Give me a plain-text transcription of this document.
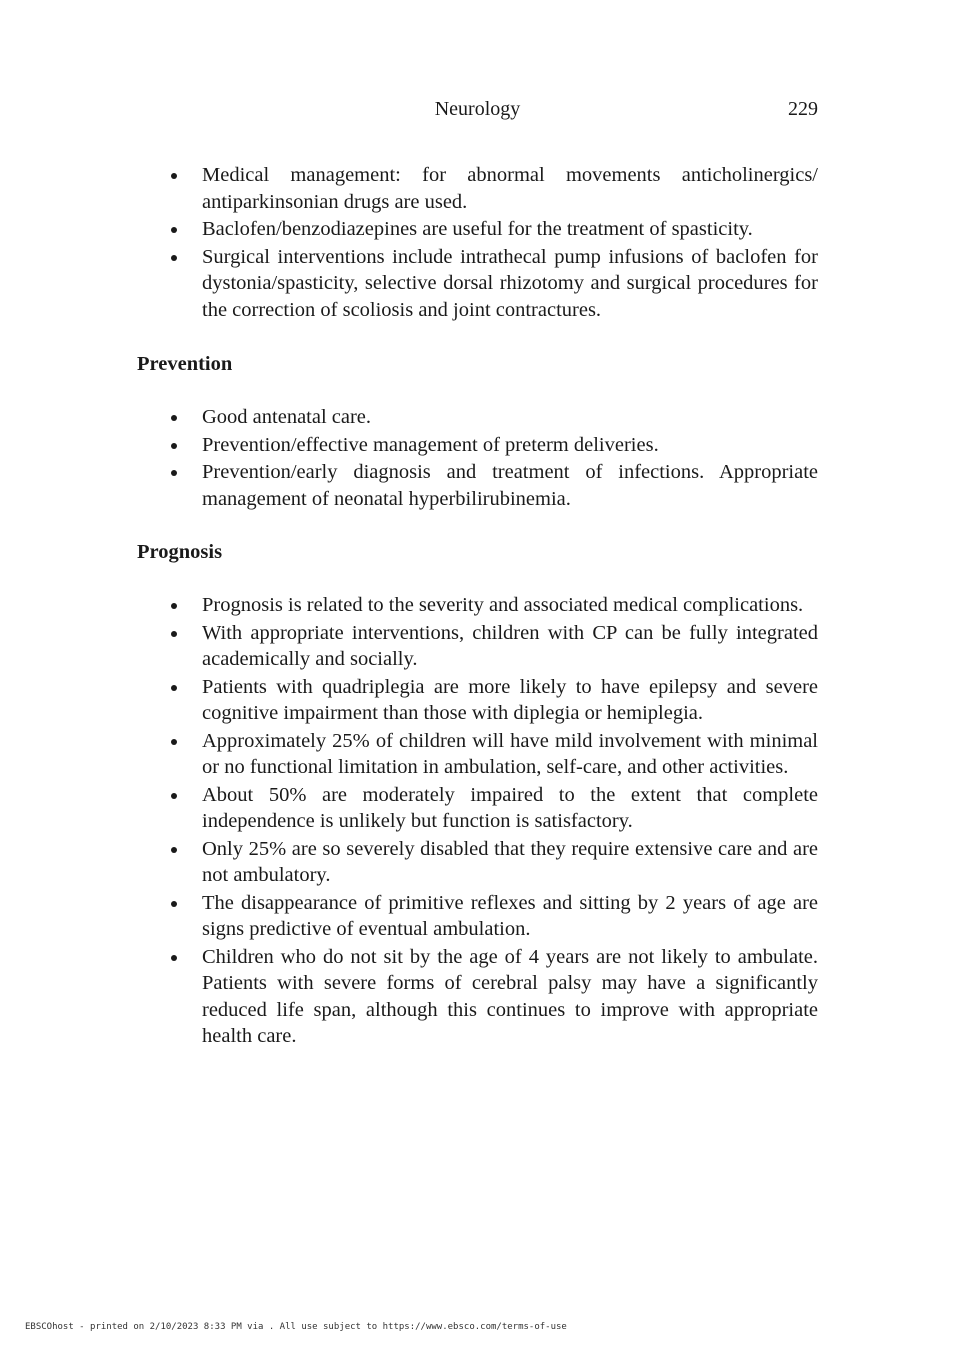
Neurology	229
Medical management: for abnormal movements anticholinergics/ antiparkinsonian drugs are used.
Baclofen/benzodiazepines are useful for the treatment of spasticity.
Surgical interventions include intrathecal pump infusions of baclofen for dystonia/spasticity, selective dorsal rhizotomy and surgical procedures for the correction of scoliosis and joint contractures.
Prevention
Good antenatal care.
Prevention/effective management of preterm deliveries.
Prevention/early diagnosis and treatment of infections. Appropriate management of neonatal hyperbilirubinemia.
Prognosis
Prognosis is related to the severity and associated medical complications.
With appropriate interventions, children with CP can be fully integrated academically and socially.
Patients with quadriplegia are more likely to have epilepsy and severe cognitive impairment than those with diplegia or hemiplegia.
Approximately 25% of children will have mild involvement with minimal or no functional limitation in ambulation, self-care, and other activities.
About 50% are moderately impaired to the extent that complete independence is unlikely but function is satisfactory.
Only 25% are so severely disabled that they require extensive care and are not ambulatory.
The disappearance of primitive reflexes and sitting by 2 years of age are signs predictive of eventual ambulation.
Children who do not sit by the age of 4 years are not likely to ambulate. Patients with severe forms of cerebral palsy may have a significantly reduced life span, although this continues to improve with appropriate health care.
EBSCOhost - printed on 2/10/2023 8:33 PM via . All use subject to https://www.ebsco.com/terms-of-use
